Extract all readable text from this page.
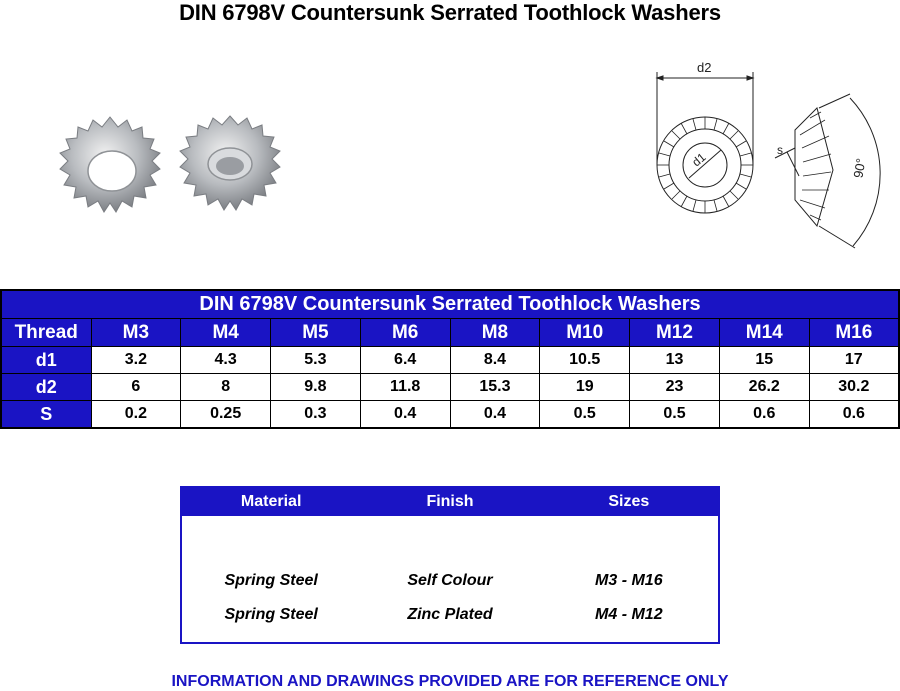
DIN 6798V Countersunk Serrated Toothlock Washers
d2
d1
s
90°
DIN 6798V Countersunk Serrated Toothlock Washers									
Thread	M3	M4	M5	M6	M8	M10	M12	M14	M16
d1	3.2	4.3	5.3	6.4	8.4	10.5	13	15	17
d2	6	8	9.8	11.8	15.3	19	23	26.2	30.2
S	0.2	0.25	0.3	0.4	0.4	0.5	0.5	0.6	0.6
Material	Finish	Sizes
Spring Steel	Self Colour	M3 - M16
Spring Steel	Zinc Plated	M4 - M12
INFORMATION AND DRAWINGS PROVIDED ARE FOR REFERENCE ONLY
